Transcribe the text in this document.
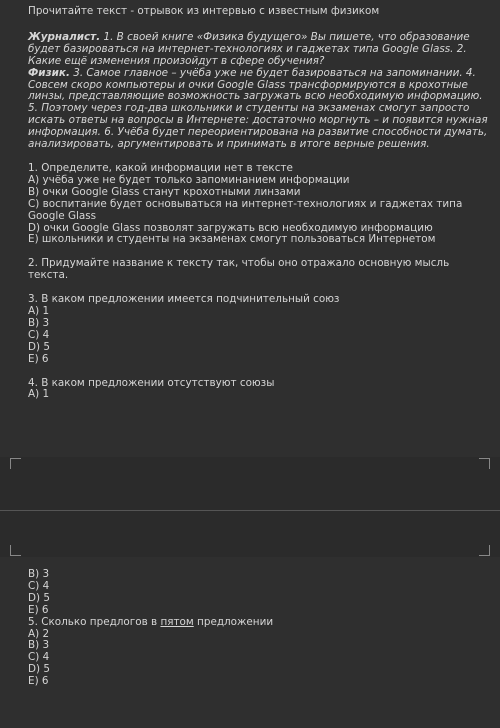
Прочитайте текст - отрывок из интервью с известным физиком

Журналист. 1. В своей книге «Физика будущего» Вы пишете, что образование будет базироваться на интернет-технологиях и гаджетах типа Google Glass. 2. Какие ещё изменения произойдут в сфере обучения?

Физик. 3. Самое главное – учёба уже не будет базироваться на запоминании. 4. Совсем скоро компьютеры и очки Google Glass трансформируются в крохотные линзы, представляющие возможность загружать всю необходимую информацию. 5. Поэтому через год-два школьники и студенты на экзаменах смогут запросто искать ответы на вопросы в Интернете: достаточно моргнуть – и появится нужная информация. 6. Учёба будет переориентирована на развитие способности думать, анализировать, аргументировать и принимать в итоге верные решения.

1. Определите, какой информации нет в тексте
A) учёба уже не будет только запоминанием информации
B) очки Google Glass станут крохотными линзами
C) воспитание будет основываться на интернет-технологиях и гаджетах типа Google Glass
D) очки Google Glass позволят загружать всю необходимую информацию
E) школьники и студенты на экзаменах смогут пользоваться Интернетом
2. Придумайте название к тексту так, чтобы оно отражало основную мысль текста.
3. В каком предложении имеется подчинительный союз
A) 1
B) 3
C) 4
D) 5
E) 6
4. В каком предложении отсутствуют союзы
A) 1
B) 3
C) 4
D) 5
E) 6
5. Сколько предлогов в пятом предложении
A) 2
B) 3
C) 4
D) 5
E) 6
